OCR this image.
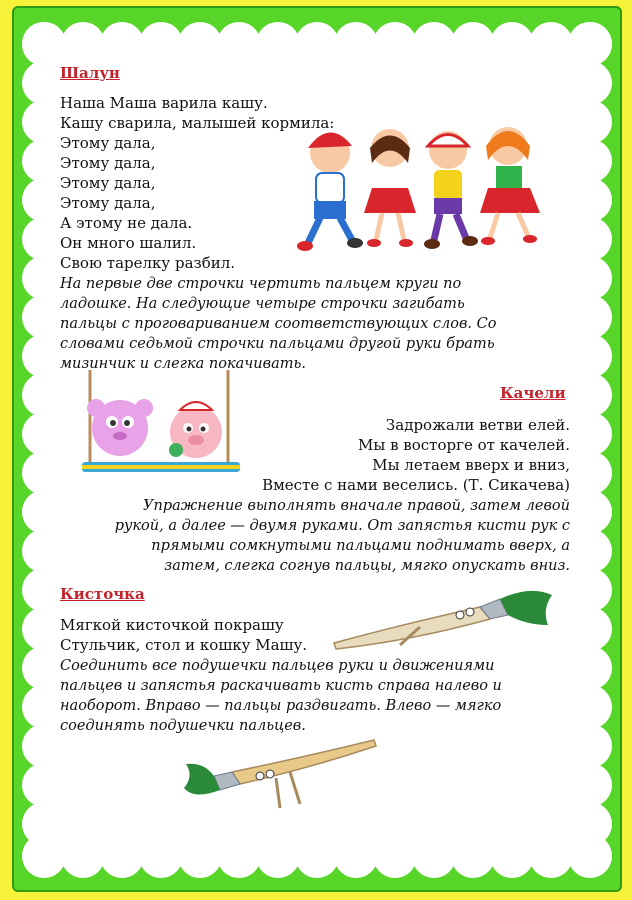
Шалун
Наша Маша варила кашу.
Кашу сварила, малышей кормила:
Этому дала,
Этому дала,
Этому дала,
Этому дала,
А этому не дала.
Он много шалил.
Свою тарелку разбил.
На первые две строчки чертить пальцем круги по
ладошке. На следующие четыре строчки загибать
пальцы с проговариванием соответствующих слов. Со
словами седьмой строчки пальцами другой руки брать
мизинчик и слегка покачивать.
Качели
Задрожали ветви елей.
Мы в восторге от качелей.
Мы летаем вверх и вниз,
Вместе с нами веселись. (Т. Сикачева)
Упражнение выполнять вначале правой, затем левой
рукой, а далее — двумя руками. От запястья кисти рук с
прямыми сомкнутыми пальцами поднимать вверх, а
затем, слегка согнув пальцы, мягко опускать вниз.
Кисточка
Мягкой кисточкой покрашу
Стульчик, стол и кошку Машу.
Соединить все подушечки пальцев руки и движениями
пальцев и запястья раскачивать кисть справа налево и
наоборот. Вправо — пальцы раздвигать. Влево — мягко
соединять подушечки пальцев.
